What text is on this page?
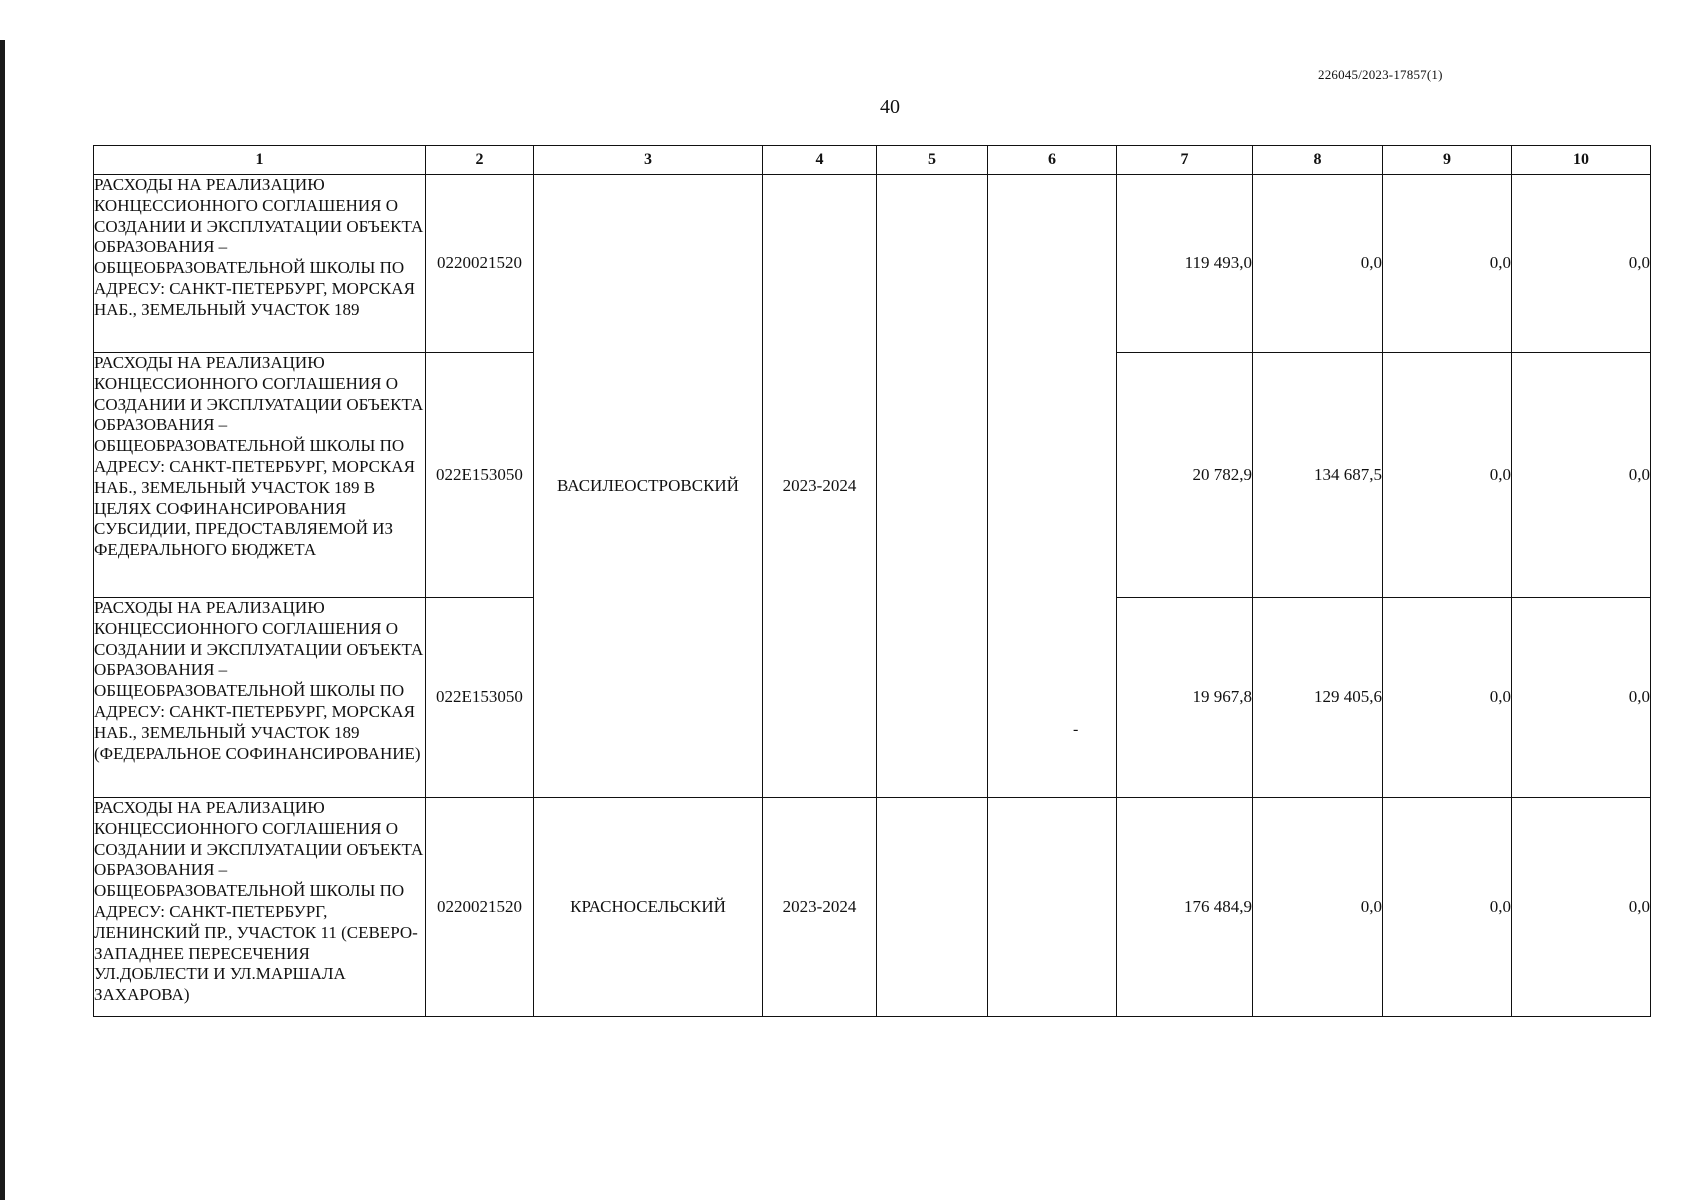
226045/2023-17857(1)
40
1	2	3	4	5	6	7	8	9	10
РАСХОДЫ НА РЕАЛИЗАЦИЮ КОНЦЕССИОННОГО СОГЛАШЕНИЯ О СОЗДАНИИ И ЭКСПЛУАТАЦИИ ОБЪЕКТА ОБРАЗОВАНИЯ – ОБЩЕОБРАЗОВАТЕЛЬНОЙ ШКОЛЫ ПО АДРЕСУ: САНКТ-ПЕТЕРБУРГ, МОРСКАЯ НАБ., ЗЕМЕЛЬНЫЙ УЧАСТОК 189	0220021520	ВАСИЛЕОСТРОВСКИЙ	2023-2024		-	119 493,0	0,0	0,0	0,0
РАСХОДЫ НА РЕАЛИЗАЦИЮ КОНЦЕССИОННОГО СОГЛАШЕНИЯ О СОЗДАНИИ И ЭКСПЛУАТАЦИИ ОБЪЕКТА ОБРАЗОВАНИЯ – ОБЩЕОБРАЗОВАТЕЛЬНОЙ ШКОЛЫ ПО АДРЕСУ: САНКТ-ПЕТЕРБУРГ, МОРСКАЯ НАБ., ЗЕМЕЛЬНЫЙ УЧАСТОК 189 В ЦЕЛЯХ СОФИНАНСИРОВАНИЯ СУБСИДИИ, ПРЕДОСТАВЛЯЕМОЙ ИЗ ФЕДЕРАЛЬНОГО БЮДЖЕТА	022Е153050					20 782,9	134 687,5	0,0	0,0
РАСХОДЫ НА РЕАЛИЗАЦИЮ КОНЦЕССИОННОГО СОГЛАШЕНИЯ О СОЗДАНИИ И ЭКСПЛУАТАЦИИ ОБЪЕКТА ОБРАЗОВАНИЯ – ОБЩЕОБРАЗОВАТЕЛЬНОЙ ШКОЛЫ ПО АДРЕСУ: САНКТ-ПЕТЕРБУРГ, МОРСКАЯ НАБ., ЗЕМЕЛЬНЫЙ УЧАСТОК 189 (ФЕДЕРАЛЬНОЕ СОФИНАНСИРОВАНИЕ)	022Е153050					19 967,8	129 405,6	0,0	0,0
РАСХОДЫ НА РЕАЛИЗАЦИЮ КОНЦЕССИОННОГО СОГЛАШЕНИЯ О СОЗДАНИИ И ЭКСПЛУАТАЦИИ ОБЪЕКТА ОБРАЗОВАНИЯ – ОБЩЕОБРАЗОВАТЕЛЬНОЙ ШКОЛЫ ПО АДРЕСУ: САНКТ-ПЕТЕРБУРГ, ЛЕНИНСКИЙ ПР., УЧАСТОК 11 (СЕВЕРО-ЗАПАДНЕЕ ПЕРЕСЕЧЕНИЯ УЛ.ДОБЛЕСТИ И УЛ.МАРШАЛА ЗАХАРОВА)	0220021520	КРАСНОСЕЛЬСКИЙ	2023-2024			176 484,9	0,0	0,0	0,0
